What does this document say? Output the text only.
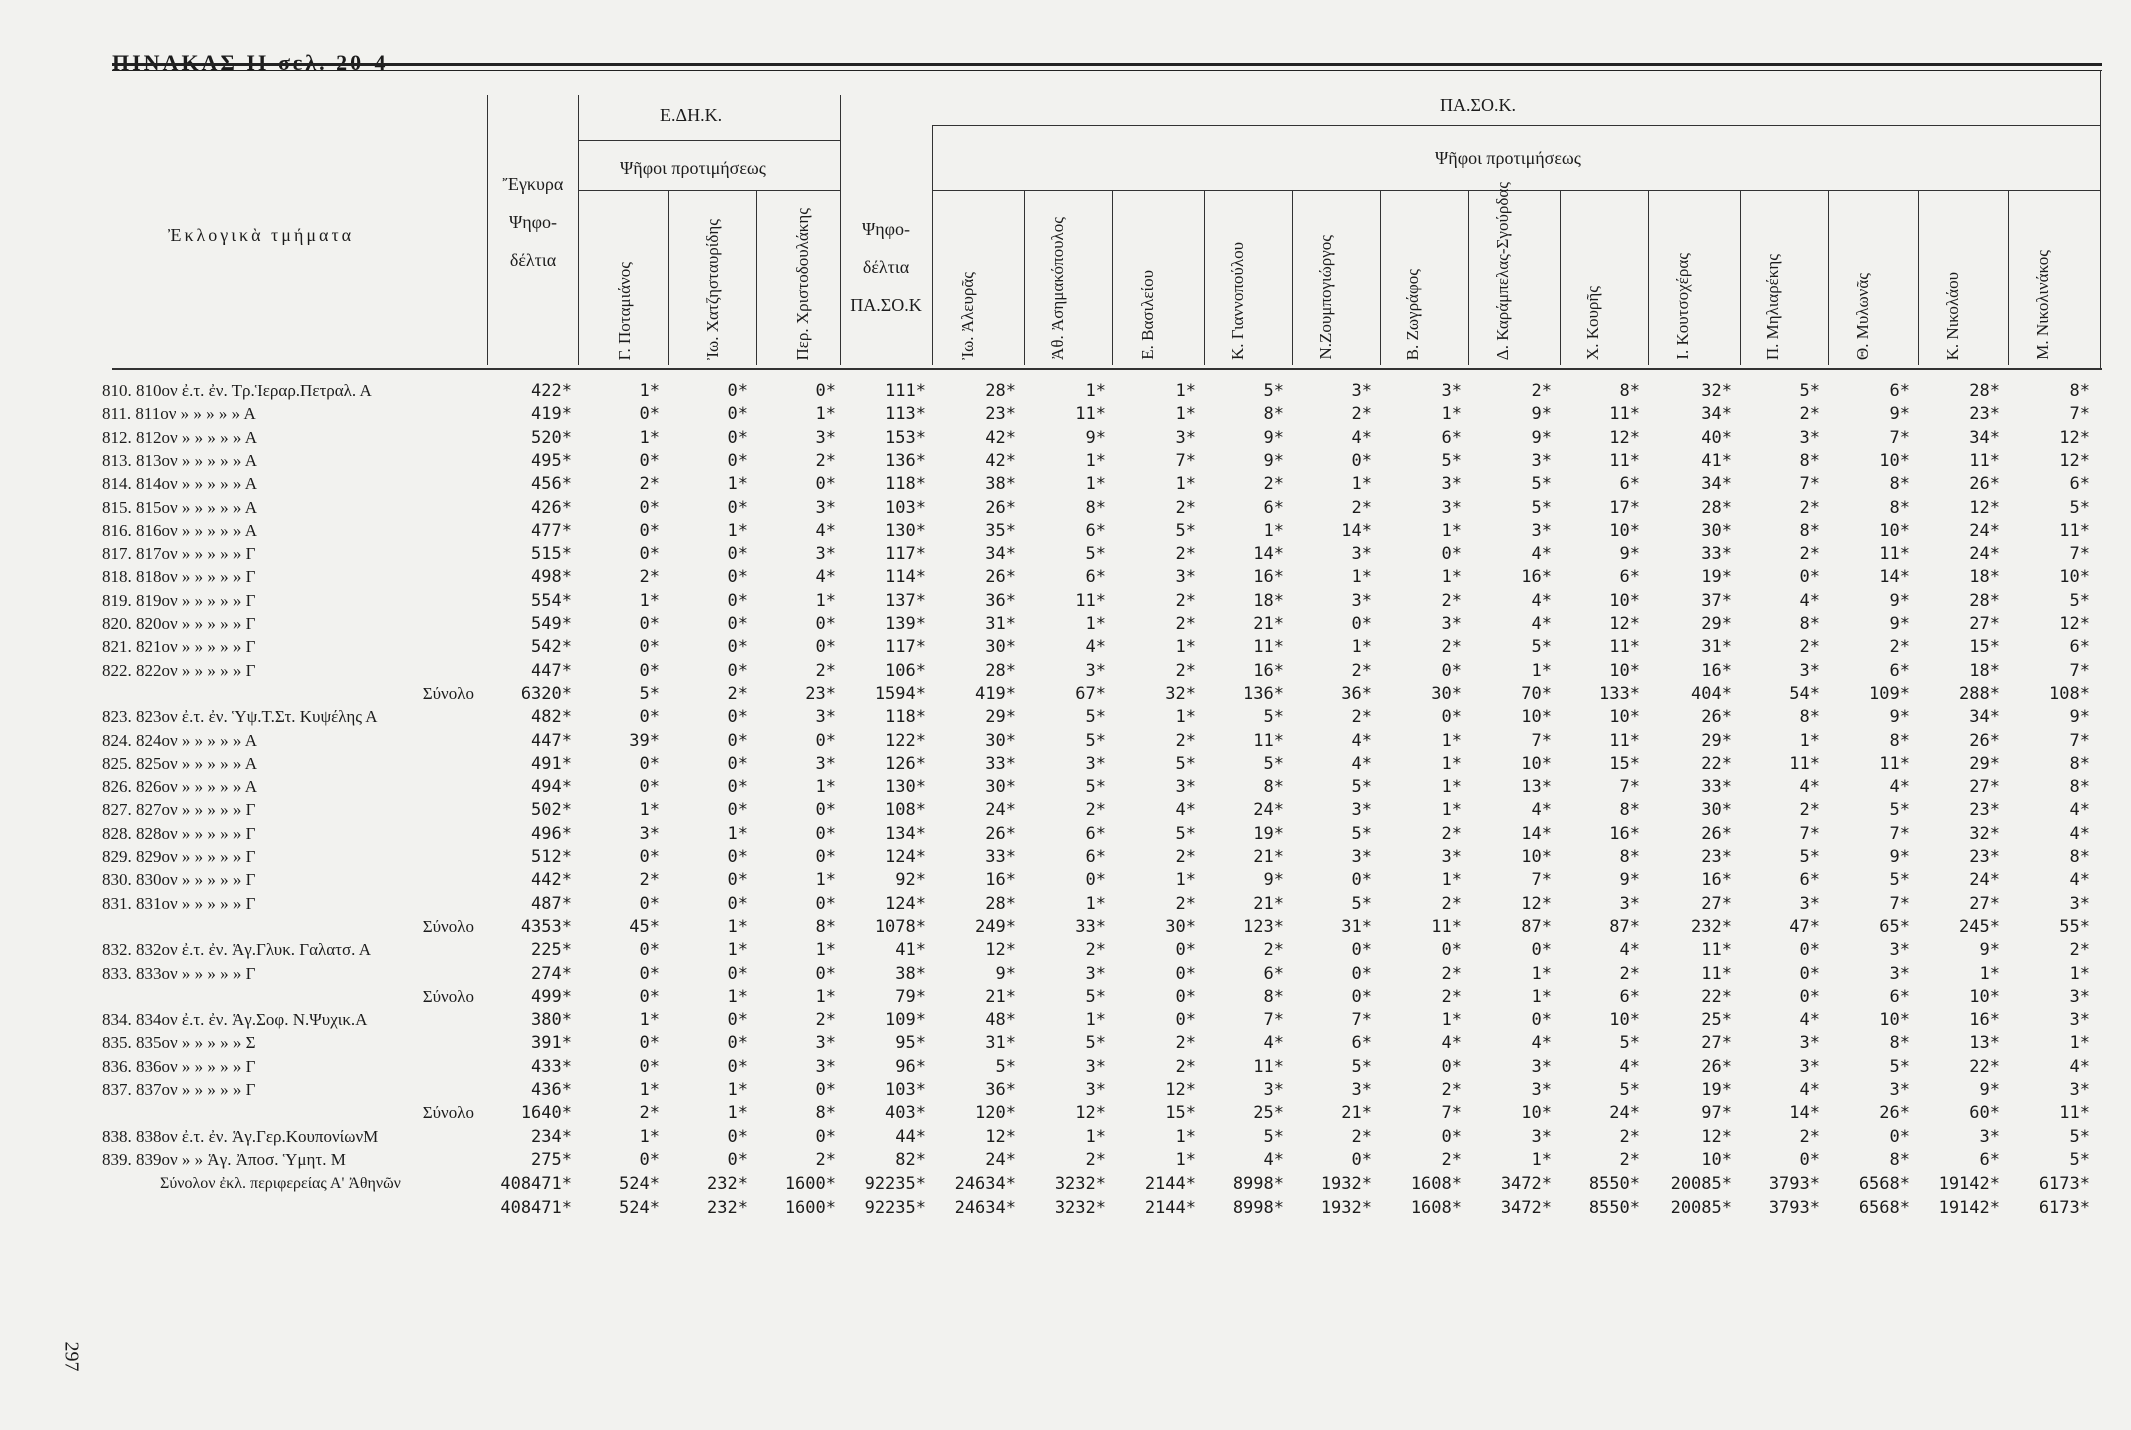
297
Ἐκλογικὰ τμήματα
Ἔγκυρα Ψηφο-δέλτια
Ε.ΔΗ.Κ.
Ψῆφοι προτιμήσεως
ΠΑ.ΣΟ.Κ.
Ψηφο-δέλτια ΠΑ.ΣΟ.Κ
Ψῆφοι προτιμήσεως
Γ. Ποταμιάνος	Ἰω. Χατζησταυρίδης	Περ. Χριστοδουλάκης	Ἰω. Ἀλευρᾶς	Ἀθ. Ἀσημακόπουλος	Ε. Βασιλείου	Κ. Γιαννοπούλου	Ν.Ζουμπογιώργος	Β. Ζωγράφος	Δ. Καράμπελας-Σγούρδας	Χ. Κουρῆς	Ι. Κουτσοχέρας	Π. Μηλιαρέκης	Θ. Μυλωνᾶς	Κ. Νικολάου	Μ. Νικολινάκος
810. 810ον ἐ.τ. ἐν. Τρ.Ἱεραρ.Πετραλ. Α	422*	1*	0*	0*	111*	28*	1*	1*	5*	3*	3*	2*	8*	32*	5*	6*	28*	8*
811. 811ον » » » » » Α	419*	0*	0*	1*	113*	23*	11*	1*	8*	2*	1*	9*	11*	34*	2*	9*	23*	7*
812. 812ον » » » » » Α	520*	1*	0*	3*	153*	42*	9*	3*	9*	4*	6*	9*	12*	40*	3*	7*	34*	12*
813. 813ον » » » » » Α	495*	0*	0*	2*	136*	42*	1*	7*	9*	0*	5*	3*	11*	41*	8*	10*	11*	12*
814. 814ον » » » » » Α	456*	2*	1*	0*	118*	38*	1*	1*	2*	1*	3*	5*	6*	34*	7*	8*	26*	6*
815. 815ον » » » » » Α	426*	0*	0*	3*	103*	26*	8*	2*	6*	2*	3*	5*	17*	28*	2*	8*	12*	5*
816. 816ον » » » » » Α	477*	0*	1*	4*	130*	35*	6*	5*	1*	14*	1*	3*	10*	30*	8*	10*	24*	11*
817. 817ον » » » » » Γ	515*	0*	0*	3*	117*	34*	5*	2*	14*	3*	0*	4*	9*	33*	2*	11*	24*	7*
818. 818ον » » » » » Γ	498*	2*	0*	4*	114*	26*	6*	3*	16*	1*	1*	16*	6*	19*	0*	14*	18*	10*
819. 819ον » » » » » Γ	554*	1*	0*	1*	137*	36*	11*	2*	18*	3*	2*	4*	10*	37*	4*	9*	28*	5*
820. 820ον » » » » » Γ	549*	0*	0*	0*	139*	31*	1*	2*	21*	0*	3*	4*	12*	29*	8*	9*	27*	12*
821. 821ον » » » » » Γ	542*	0*	0*	0*	117*	30*	4*	1*	11*	1*	2*	5*	11*	31*	2*	2*	15*	6*
822. 822ον » » » » » Γ	447*	0*	0*	2*	106*	28*	3*	2*	16*	2*	0*	1*	10*	16*	3*	6*	18*	7*
Σύνολο	6320*	5*	2*	23* 1594*	419*	67*	32*	136*	36*	30*	70*	133*	404*	54*	109*	288*	108*
823. 823ον ἐ.τ. ἐν. Ὑψ.Τ.Στ. Κυψέλης Α	482*	0*	0*	3*	118*	29*	5*	1*	5*	2*	0*	10*	10*	26*	8*	9*	34*	9*
824. 824ον » » » » » Α	447*	39*	0*	0*	122*	30*	5*	2*	11*	4*	1*	7*	11*	29*	1*	8*	26*	7*
825. 825ον » » » » » Α	491*	0*	0*	3*	126*	33*	3*	5*	5*	4*	1*	10*	15*	22*	11*	11*	29*	8*
826. 826ον » » » » » Α	494*	0*	0*	1*	130*	30*	5*	3*	8*	5*	1*	13*	7*	33*	4*	4*	27*	8*
827. 827ον » » » » » Γ	502*	1*	0*	0*	108*	24*	2*	4*	24*	3*	1*	4*	8*	30*	2*	5*	23*	4*
828. 828ον » » » » » Γ	496*	3*	1*	0*	134*	26*	6*	5*	19*	5*	2*	14*	16*	26*	7*	7*	32*	4*
829. 829ον » » » » » Γ	512*	0*	0*	0*	124*	33*	6*	2*	21*	3*	3*	10*	8*	23*	5*	9*	23*	8*
830. 830ον » » » » » Γ	442*	2*	0*	1*	92*	16*	0*	1*	9*	0*	1*	7*	9*	16*	6*	5*	24*	4*
831. 831ον » » » » » Γ	487*	0*	0*	0*	124*	28*	1*	2*	21*	5*	2*	12*	3*	27*	3*	7*	27*	3*
Σύνολο	4353*	45*	1*	8* 1078*	249*	33*	30*	123*	31*	11*	87*	87*	232*	47*	65*	245*	55*
832. 832ον ἐ.τ. ἐν. Ἁγ.Γλυκ. Γαλατσ. Α	225*	0*	1*	1*	41*	12*	2*	0*	2*	0*	0*	0*	4*	11*	0*	3*	9*	2*
833. 833ον » » » » » Γ	274*	0*	0*	0*	38*	9*	3*	0*	6*	0*	2*	1*	2*	11*	0*	3*	1*	1*
Σύνολο	499*	0*	1*	1*	79*	21*	5*	0*	8*	0*	2*	1*	6*	22*	0*	6*	10*	3*
834. 834ον ἐ.τ. ἐν. Ἁγ.Σοφ. Ν.Ψυχικ.Α	380*	1*	0*	2*	109*	48*	1*	0*	7*	7*	1*	0*	10*	25*	4*	10*	16*	3*
835. 835ον » » » » » Σ	391*	0*	0*	3*	95*	31*	5*	2*	4*	6*	4*	4*	5*	27*	3*	8*	13*	1*
836. 836ον » » » » » Γ	433*	0*	0*	3*	96*	5*	3*	2*	11*	5*	0*	3*	4*	26*	3*	5*	22*	4*
837. 837ον » » » » » Γ	436*	1*	1*	0*	103*	36*	3*	12*	3*	3*	2*	3*	5*	19*	4*	3*	9*	3*
Σύνολο	1640*	2*	1*	8*	403*	120*	12*	15*	25*	21*	7*	10*	24*	97*	14*	26*	60*	11*
838. 838ον ἐ.τ. ἐν. Ἁγ.Γερ.ΚουπονίωνΜ	234*	1*	0*	0*	44*	12*	1*	1*	5*	2*	0*	3*	2*	12*	2*	0*	3*	5*
839. 839ον » » Ἁγ. Ἀποσ. Ὑμητ. Μ	275*	0*	0*	2*	82*	24*	2*	1*	4*	0*	2*	1*	2*	10*	0*	8*	6*	5*
Σύνολον ἐκλ. περιφερείας Α' Ἀθηνῶν	408471*	524*	232* 1600* 92235* 24634* 3232* 2144* 8998* 1932* 1608* 3472* 8550* 20085* 3793* 6568* 19142* 6173*
408471*	524*	232* 1600* 92235* 24634* 3232* 2144* 8998* 1932* 1608* 3472* 8550* 20085* 3793* 6568* 19142* 6173*
